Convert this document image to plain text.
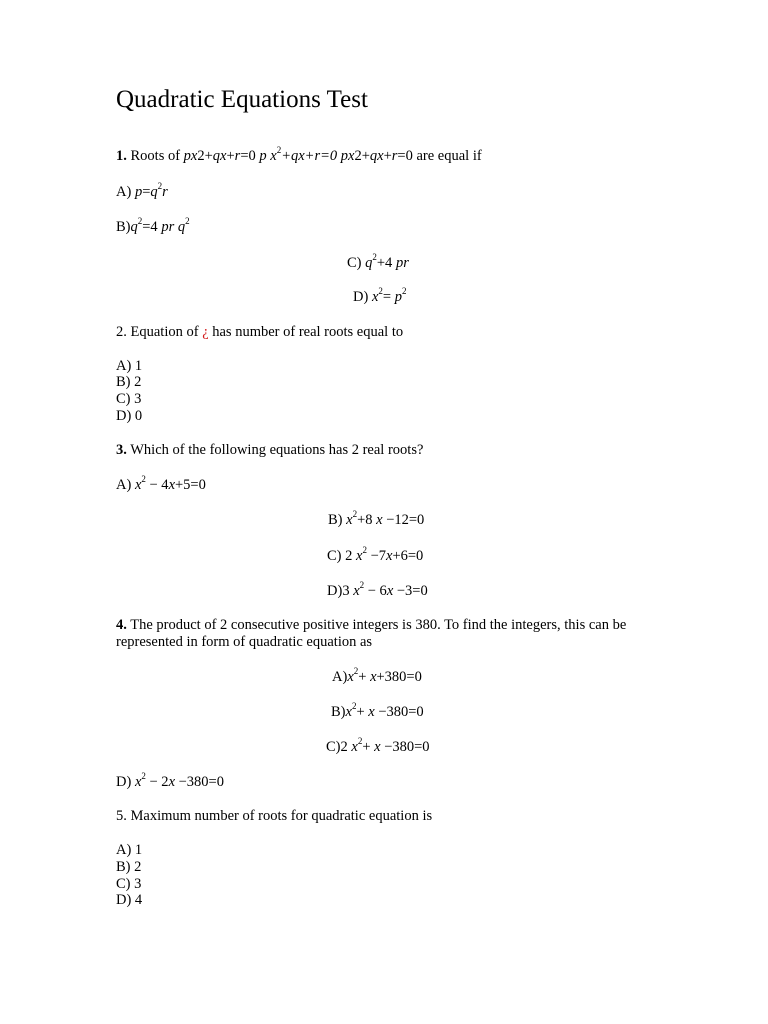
Quadratic Equations Test
1. Roots of px2+qx+r=0 p $x^2+qx+r=0$ px2+qx+r=0 are equal if
A) $p=q^2r$
$B)q^2=4$ pr $q^2$
C) $q^2+4$ pr
D) $x^2= p^2$
2. Equation of ¿ has number of real roots equal to
A) 1
B) 2
C) 3
D) 0
3. Which of the following equations has 2 real roots?
A) $x^2 - 4x+5=0$
B) $x^2+8$ x −12=0
C) 2 $x^2 -7x+6=0$
D)3 $x^2 - 6x -3=0$
4. The product of 2 consecutive positive integers is 380. To find the integers, this can be represented in form of quadratic equation as
$A)x^2+ x+380=0$
$B)x^2+ x -380=0$
C)2 $x^2+ x -380=0$
D) $x^2 - 2x -380=0$
5. Maximum number of roots for quadratic equation is
A) 1
B) 2
C) 3
D) 4
